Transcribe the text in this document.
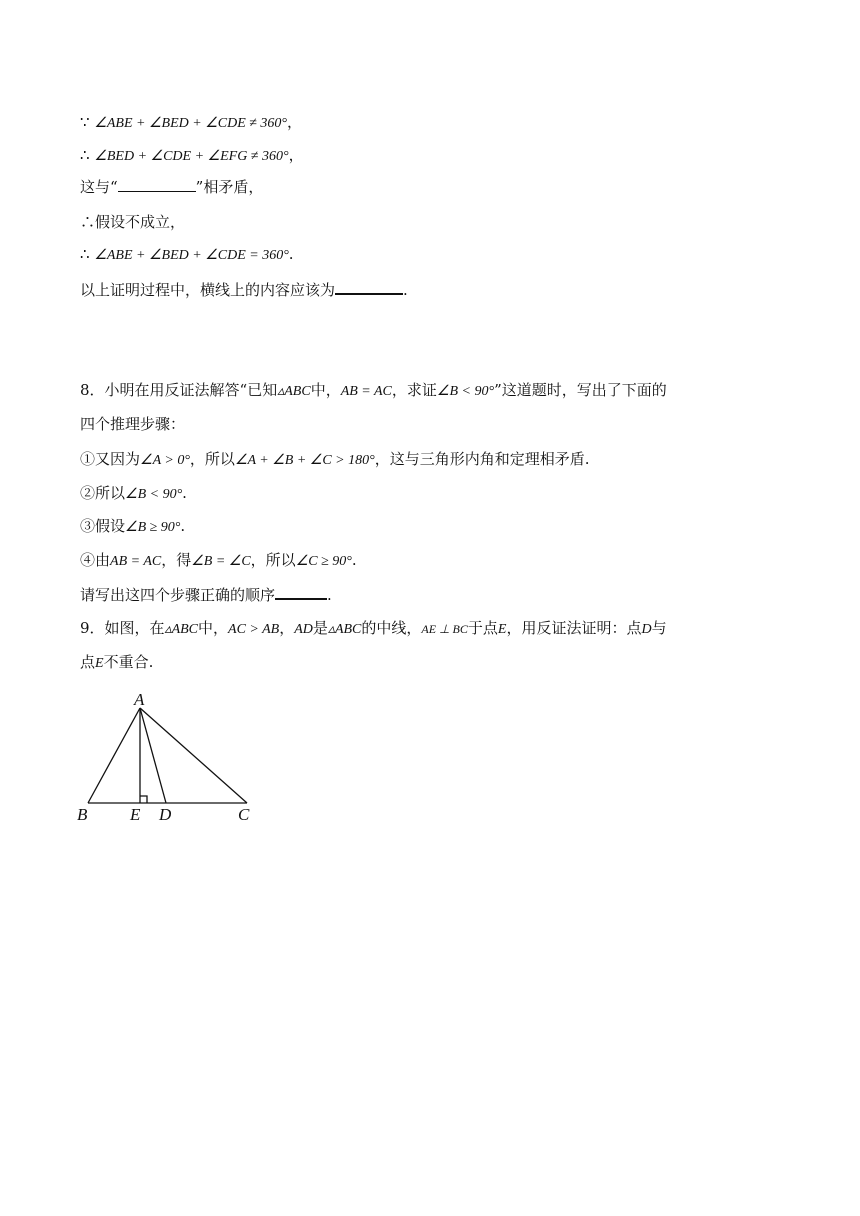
∵ ∠ABE + ∠BED + ∠CDE ≠ 360°，
∴ ∠BED + ∠CDE + ∠EFG ≠ 360°，
这与“	”相矛盾，
∴假设不成立，
∴ ∠ABE + ∠BED + ∠CDE = 360°.
以上证明过程中，横线上的内容应该为	.
8．小明在用反证法解答“已知▵ABC中，AB = AC，求证∠B < 90°”这道题时，写出了下面的
四个推理步骤：
①又因为∠A > 0°，所以∠A + ∠B + ∠C > 180°，这与三角形内角和定理相矛盾.
②所以∠B < 90°.
③假设∠B ≥ 90°.
④由AB = AC，得∠B = ∠C，所以∠C ≥ 90°.
请写出这四个步骤正确的顺序	.
9．如图，在▵ABC中，AC > AB，AD是▵ABC的中线，AE ⊥ BC于点E，用反证法证明：点D与
点E不重合.
A
B	E D	C
